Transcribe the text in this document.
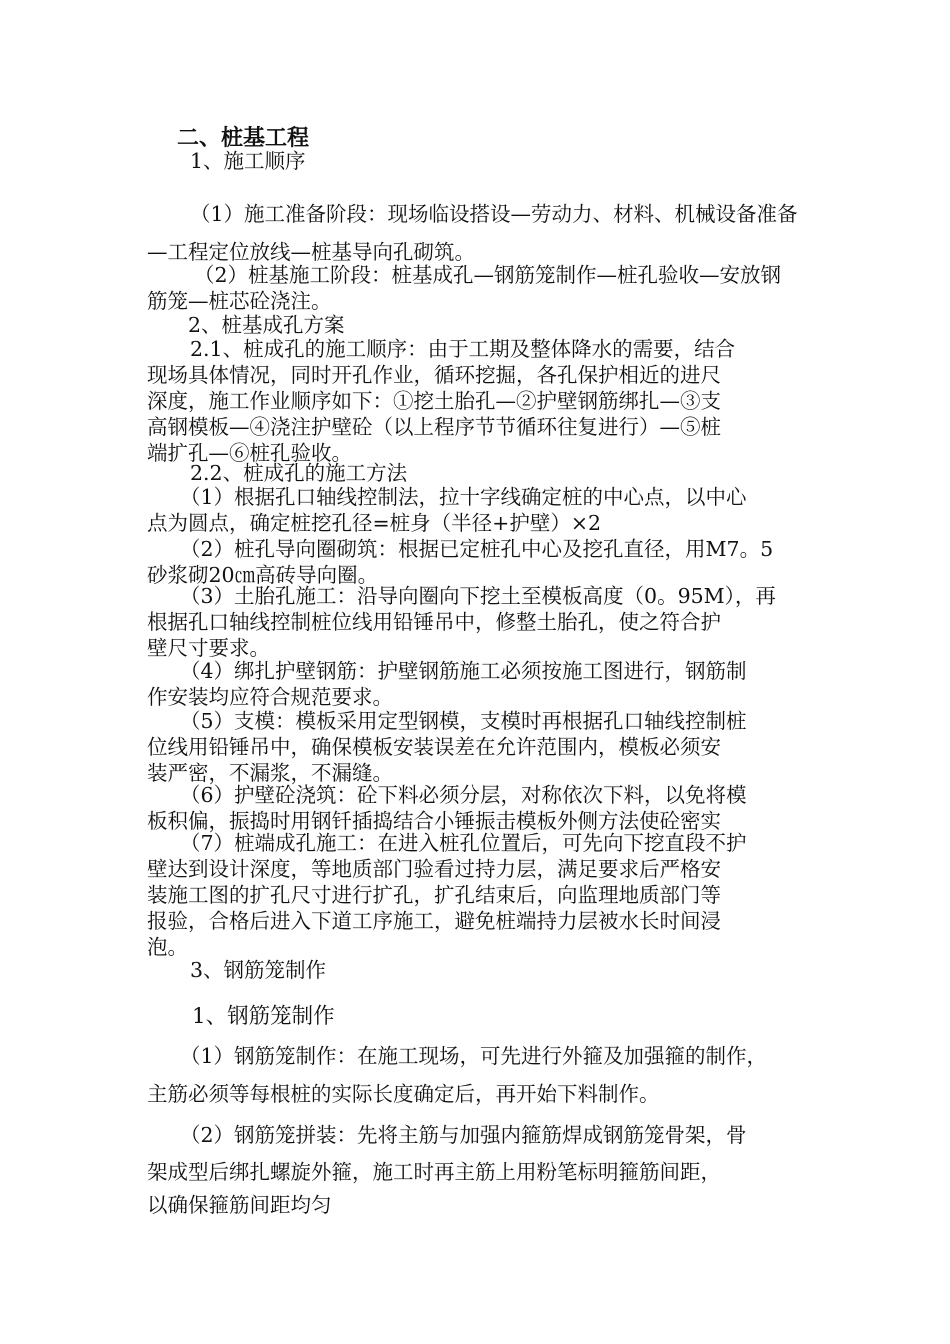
二、桩基工程
1、施工顺序
（1）施工准备阶段：现场临设搭设—劳动力、材料、机械设备准备
—工程定位放线—桩基导向孔砌筑。
（2）桩基施工阶段：桩基成孔—钢筋笼制作—桩孔验收—安放钢
筋笼—桩芯砼浇注。
2、桩基成孔方案
2.1、桩成孔的施工顺序：由于工期及整体降水的需要，结合
现场具体情况，同时开孔作业，循环挖掘，各孔保护相近的进尺
深度，施工作业顺序如下：①挖土胎孔—②护壁钢筋绑扎—③支
高钢模板—④浇注护壁砼（以上程序节节循环往复进行）—⑤桩
端扩孔—⑥桩孔验收。
2.2、桩成孔的施工方法
（1）根据孔口轴线控制法，拉十字线确定桩的中心点，以中心
点为圆点，确定桩挖孔径=桩身（半径+护壁）×2
（2）桩孔导向圈砌筑：根据已定桩孔中心及挖孔直径，用M7。5
砂浆砌20㎝高砖导向圈。
（3）土胎孔施工：沿导向圈向下挖土至模板高度（0。95M），再
根据孔口轴线控制桩位线用铅锤吊中，修整土胎孔，使之符合护
壁尺寸要求。
（4）绑扎护壁钢筋：护壁钢筋施工必须按施工图进行，钢筋制
作安装均应符合规范要求。
（5）支模：模板采用定型钢模，支模时再根据孔口轴线控制桩
位线用铅锤吊中，确保模板安装误差在允许范围内，模板必须安
装严密，不漏浆，不漏缝。
（6）护壁砼浇筑：砼下料必须分层，对称依次下料，以免将模
板积偏，振捣时用钢钎插捣结合小锤振击模板外侧方法使砼密实
（7）桩端成孔施工：在进入桩孔位置后，可先向下挖直段不护
壁达到设计深度，等地质部门验看过持力层，满足要求后严格安
装施工图的扩孔尺寸进行扩孔，扩孔结束后，向监理地质部门等
报验，合格后进入下道工序施工，避免桩端持力层被水长时间浸
泡。
3、钢筋笼制作
1、钢筋笼制作
（1）钢筋笼制作：在施工现场，可先进行外箍及加强箍的制作，
主筋必须等每根桩的实际长度确定后，再开始下料制作。
（2）钢筋笼拼装：先将主筋与加强内箍筋焊成钢筋笼骨架，骨
架成型后绑扎螺旋外箍，施工时再主筋上用粉笔标明箍筋间距，
以确保箍筋间距均匀
